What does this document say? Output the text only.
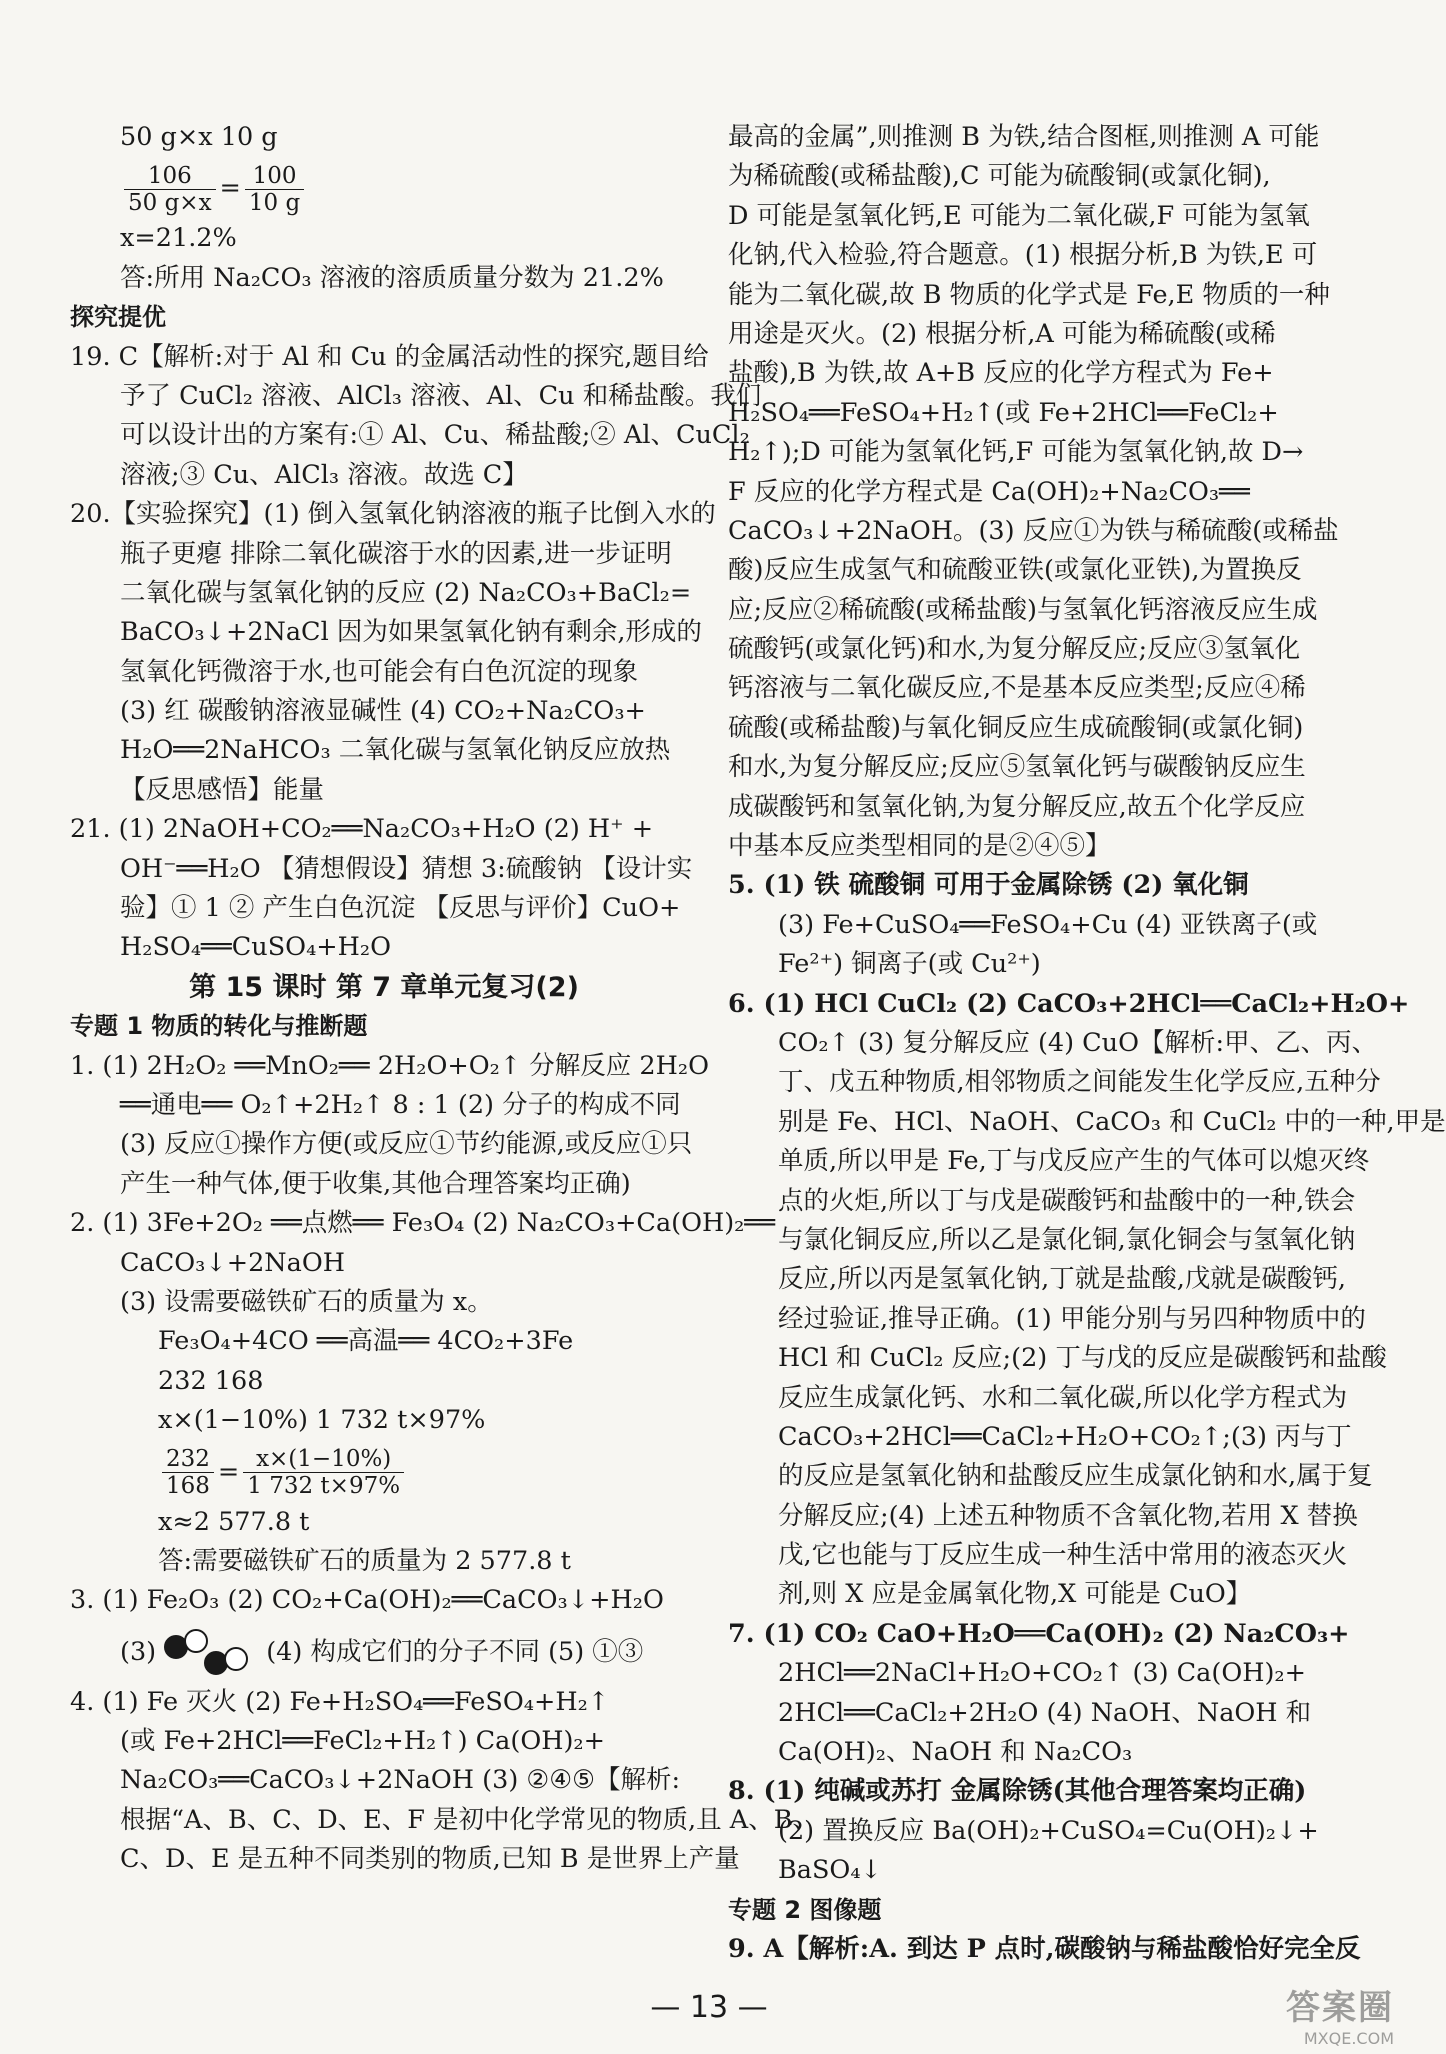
50 g×x 10 g
$\frac{106}{50 g\times x} = \frac{100}{10 g}$
x=21.2%
答:所用 Na₂CO₃ 溶液的溶质质量分数为 21.2%
探究提优
19. C【解析:对于 Al 和 Cu 的金属活动性的探究,题目给
予了 CuCl₂ 溶液、AlCl₃ 溶液、Al、Cu 和稀盐酸。我们
可以设计出的方案有:① Al、Cu、稀盐酸;② Al、CuCl₂
溶液;③ Cu、AlCl₃ 溶液。故选 C】
20.【实验探究】(1) 倒入氢氧化钠溶液的瓶子比倒入水的
瓶子更瘪 排除二氧化碳溶于水的因素,进一步证明
二氧化碳与氢氧化钠的反应 (2) Na₂CO₃+BaCl₂=
BaCO₃↓+2NaCl 因为如果氢氧化钠有剩余,形成的
氢氧化钙微溶于水,也可能会有白色沉淀的现象
(3) 红 碳酸钠溶液显碱性 (4) CO₂+Na₂CO₃+
H₂O══2NaHCO₃ 二氧化碳与氢氧化钠反应放热
【反思感悟】能量
21. (1) 2NaOH+CO₂══Na₂CO₃+H₂O (2) H⁺ +
OH⁻══H₂O 【猜想假设】猜想 3:硫酸钠 【设计实
验】① 1 ② 产生白色沉淀 【反思与评价】CuO+
H₂SO₄══CuSO₄+H₂O
第 15 课时 第 7 章单元复习(2)
专题 1 物质的转化与推断题
1. (1) 2H₂O₂ ══MnO₂══ 2H₂O+O₂↑ 分解反应 2H₂O
══通电══ O₂↑+2H₂↑ 8 : 1 (2) 分子的构成不同
(3) 反应①操作方便(或反应①节约能源,或反应①只
产生一种气体,便于收集,其他合理答案均正确)
2. (1) 3Fe+2O₂ ══点燃══ Fe₃O₄ (2) Na₂CO₃+Ca(OH)₂══
CaCO₃↓+2NaOH
(3) 设需要磁铁矿石的质量为 x。
Fe₃O₄+4CO ══高温══ 4CO₂+3Fe
232 168
x×(1−10%) 1 732 t×97%
$\frac{232}{168} = \frac{x\times(1-10\%)}{1 732 t\times 97\%}$
x≈2 577.8 t
答:需要磁铁矿石的质量为 2 577.8 t
3. (1) Fe₂O₃ (2) CO₂+Ca(OH)₂══CaCO₃↓+H₂O
(3)	(4) 构成它们的分子不同 (5) ①③
4. (1) Fe 灭火 (2) Fe+H₂SO₄══FeSO₄+H₂↑
(或 Fe+2HCl══FeCl₂+H₂↑) Ca(OH)₂+
Na₂CO₃══CaCO₃↓+2NaOH (3) ②④⑤【解析:
根据“A、B、C、D、E、F 是初中化学常见的物质,且 A、B、
C、D、E 是五种不同类别的物质,已知 B 是世界上产量
最高的金属”,则推测 B 为铁,结合图框,则推测 A 可能
为稀硫酸(或稀盐酸),C 可能为硫酸铜(或氯化铜),
D 可能是氢氧化钙,E 可能为二氧化碳,F 可能为氢氧
化钠,代入检验,符合题意。(1) 根据分析,B 为铁,E 可
能为二氧化碳,故 B 物质的化学式是 Fe,E 物质的一种
用途是灭火。(2) 根据分析,A 可能为稀硫酸(或稀
盐酸),B 为铁,故 A+B 反应的化学方程式为 Fe+
H₂SO₄══FeSO₄+H₂↑(或 Fe+2HCl══FeCl₂+
H₂↑);D 可能为氢氧化钙,F 可能为氢氧化钠,故 D→
F 反应的化学方程式是 Ca(OH)₂+Na₂CO₃══
CaCO₃↓+2NaOH。(3) 反应①为铁与稀硫酸(或稀盐
酸)反应生成氢气和硫酸亚铁(或氯化亚铁),为置换反
应;反应②稀硫酸(或稀盐酸)与氢氧化钙溶液反应生成
硫酸钙(或氯化钙)和水,为复分解反应;反应③氢氧化
钙溶液与二氧化碳反应,不是基本反应类型;反应④稀
硫酸(或稀盐酸)与氧化铜反应生成硫酸铜(或氯化铜)
和水,为复分解反应;反应⑤氢氧化钙与碳酸钠反应生
成碳酸钙和氢氧化钠,为复分解反应,故五个化学反应
中基本反应类型相同的是②④⑤】
5. (1) 铁 硫酸铜 可用于金属除锈 (2) 氧化铜
(3) Fe+CuSO₄══FeSO₄+Cu (4) 亚铁离子(或
Fe²⁺) 铜离子(或 Cu²⁺)
6. (1) HCl CuCl₂ (2) CaCO₃+2HCl══CaCl₂+H₂O+
CO₂↑ (3) 复分解反应 (4) CuO【解析:甲、乙、丙、
丁、戊五种物质,相邻物质之间能发生化学反应,五种分
别是 Fe、HCl、NaOH、CaCO₃ 和 CuCl₂ 中的一种,甲是
单质,所以甲是 Fe,丁与戊反应产生的气体可以熄灭终
点的火炬,所以丁与戊是碳酸钙和盐酸中的一种,铁会
与氯化铜反应,所以乙是氯化铜,氯化铜会与氢氧化钠
反应,所以丙是氢氧化钠,丁就是盐酸,戊就是碳酸钙,
经过验证,推导正确。(1) 甲能分别与另四种物质中的
HCl 和 CuCl₂ 反应;(2) 丁与戊的反应是碳酸钙和盐酸
反应生成氯化钙、水和二氧化碳,所以化学方程式为
CaCO₃+2HCl══CaCl₂+H₂O+CO₂↑;(3) 丙与丁
的反应是氢氧化钠和盐酸反应生成氯化钠和水,属于复
分解反应;(4) 上述五种物质不含氧化物,若用 X 替换
戊,它也能与丁反应生成一种生活中常用的液态灭火
剂,则 X 应是金属氧化物,X 可能是 CuO】
7. (1) CO₂ CaO+H₂O══Ca(OH)₂ (2) Na₂CO₃+
2HCl══2NaCl+H₂O+CO₂↑ (3) Ca(OH)₂+
2HCl══CaCl₂+2H₂O (4) NaOH、NaOH 和
Ca(OH)₂、NaOH 和 Na₂CO₃
8. (1) 纯碱或苏打 金属除锈(其他合理答案均正确)
(2) 置换反应 Ba(OH)₂+CuSO₄=Cu(OH)₂↓+
BaSO₄↓
专题 2 图像题
9. A【解析:A. 到达 P 点时,碳酸钠与稀盐酸恰好完全反
— 13 —	答案圈
MXQE.COM
